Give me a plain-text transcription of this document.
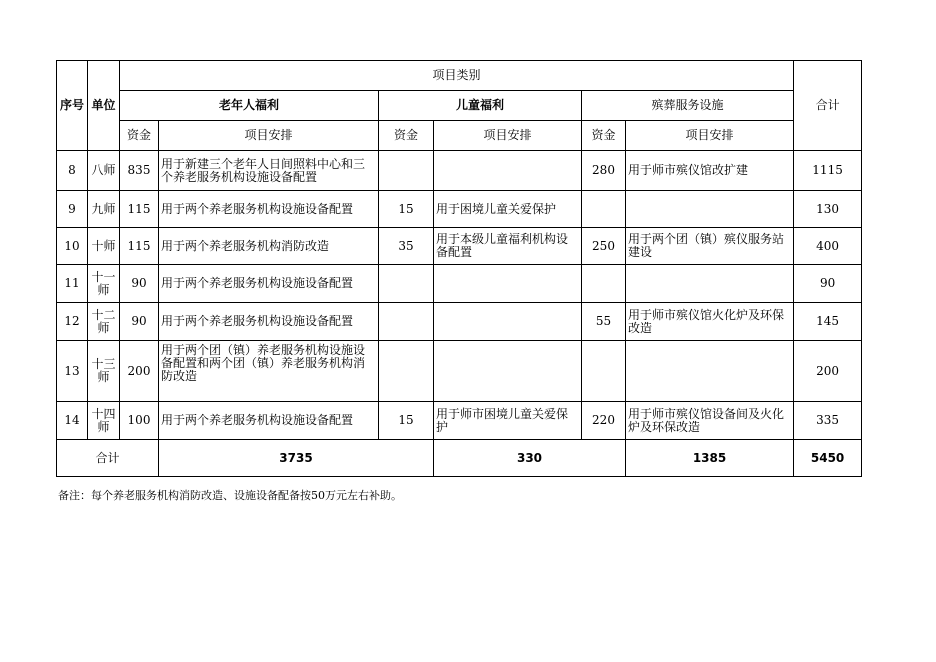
序号	单位	项目类别						合计
		老年人福利		儿童福利		殡葬服务设施		
		资金	项目安排	资金	项目安排	资金	项目安排	
8	八师	835	用于新建三个老年人日间照料中心和三个养老服务机构设施设备配置			280	用于师市殡仪馆改扩建	1115
9	九师	115	用于两个养老服务机构设施设备配置	15	用于困境儿童关爱保护			130
10	十师	115	用于两个养老服务机构消防改造	35	用于本级儿童福利机构设备配置	250	用于两个团（镇）殡仪服务站建设	400
11	十一师	90	用于两个养老服务机构设施设备配置					90
12	十二师	90	用于两个养老服务机构设施设备配置			55	用于师市殡仪馆火化炉及环保改造	145
13	十三师	200	用于两个团（镇）养老服务机构设施设备配置和两个团（镇）养老服务机构消防改造					200
14	十四师	100	用于两个养老服务机构设施设备配置	15	用于师市困境儿童关爱保护	220	用于师市殡仪馆设备间及火化炉及环保改造	335
合计			3735		330		1385	5450
备注：每个养老服务机构消防改造、设施设备配备按50万元左右补助。
